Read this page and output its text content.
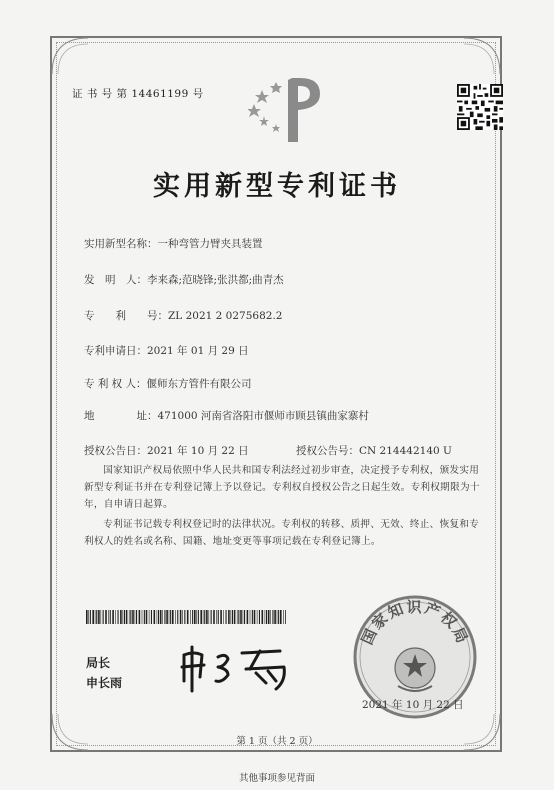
证 书 号 第 14461199 号
实用新型专利证书
实用新型名称：一种弯管力臂夹具装置
发　明　人：李来森;范晓锋;张洪都;曲青杰
专　　利　　号：ZL 2021 2 0275682.2
专利申请日：2021 年 01 月 29 日
专 利 权 人：偃师东方管件有限公司
地　　　　址：471000 河南省洛阳市偃师市顾县镇曲家寨村
授权公告日：2021 年 10 月 22 日	授权公告号：CN 214442140 U
国家知识产权局依照中华人民共和国专利法经过初步审查，决定授予专利权，颁发实用新型专利证书并在专利登记簿上予以登记。专利权自授权公告之日起生效。专利权期限为十年，自申请日起算。
专利证书记载专利权登记时的法律状况。专利权的转移、质押、无效、终止、恢复和专利权人的姓名或名称、国籍、地址变更等事项记载在专利登记簿上。
局长
申长雨
国家知识产权局
2021 年 10 月 22 日
第 1 页（共 2 页）
其他事项参见背面
